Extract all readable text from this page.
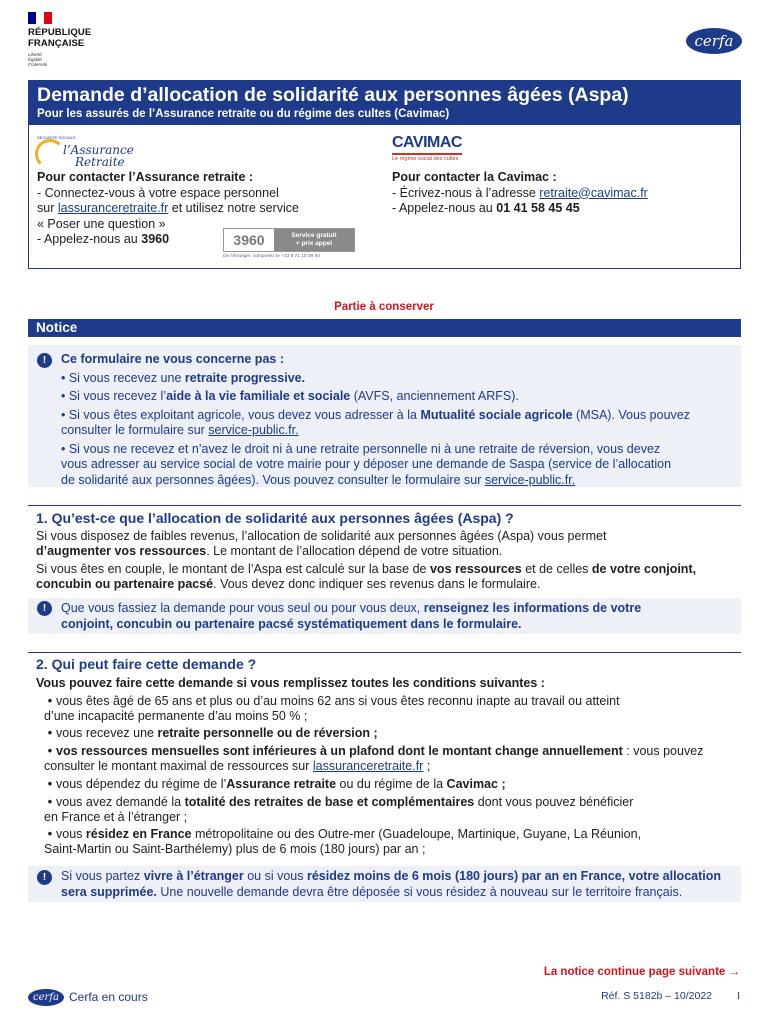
RÉPUBLIQUE
FRANÇAISE
Liberté
Égalité
Fraternité
cerfa
Demande d’allocation de solidarité aux personnes âgées (Aspa)
Pour les assurés de l’Assurance retraite ou du régime des cultes (Cavimac)
SÉCURITÉ SOCIALE
l’Assurance
Retraite
CAVIMAC
Le régime social des cultes
Pour contacter l’Assurance retraite :
- Connectez-vous à votre espace personnel
sur lassuranceretraite.fr et utilisez notre service
« Poser une question »
- Appelez-nous au 3960	3960	Service gratuit
+ prix appel
De l’étranger, composez le +33 9 71 10 39 60
Pour contacter la Cavimac :
- Écrivez-nous à l’adresse retraite@cavimac.fr
- Appelez-nous au 01 41 58 45 45
Partie à conserver
Notice
!	Ce formulaire ne vous concerne pas :
• Si vous recevez une retraite progressive.
• Si vous recevez l’aide à la vie familiale et sociale (AVFS, anciennement ARFS).
• Si vous êtes exploitant agricole, vous devez vous adresser à la Mutualité sociale agricole (MSA). Vous pouvez
consulter le formulaire sur service-public.fr.
• Si vous ne recevez et n’avez le droit ni à une retraite personnelle ni à une retraite de réversion, vous devez
vous adresser au service social de votre mairie pour y déposer une demande de Saspa (service de l’allocation
de solidarité aux personnes âgées). Vous pouvez consulter le formulaire sur service-public.fr.
1. Qu’est-ce que l’allocation de solidarité aux personnes âgées (Aspa) ?
Si vous disposez de faibles revenus, l’allocation de solidarité aux personnes âgées (Aspa) vous permet
d’augmenter vos ressources. Le montant de l’allocation dépend de votre situation.
Si vous êtes en couple, le montant de l’Aspa est calculé sur la base de vos ressources et de celles de votre conjoint,
concubin ou partenaire pacsé. Vous devez donc indiquer ses revenus dans le formulaire.
!	Que vous fassiez la demande pour vous seul ou pour vous deux, renseignez les informations de votre
conjoint, concubin ou partenaire pacsé systématiquement dans le formulaire.
2. Qui peut faire cette demande ?
Vous pouvez faire cette demande si vous remplissez toutes les conditions suivantes :
• vous êtes âgé de 65 ans et plus ou d’au moins 62 ans si vous êtes reconnu inapte au travail ou atteint
d’une incapacité permanente d’au moins 50 % ;
• vous recevez une retraite personnelle ou de réversion ;
• vos ressources mensuelles sont inférieures à un plafond dont le montant change annuellement : vous pouvez
consulter le montant maximal de ressources sur lassuranceretraite.fr ;
• vous dépendez du régime de l’Assurance retraite ou du régime de la Cavimac ;
• vous avez demandé la totalité des retraites de base et complémentaires dont vous pouvez bénéficier
en France et à l’étranger ;
• vous résidez en France métropolitaine ou des Outre-mer (Guadeloupe, Martinique, Guyane, La Réunion,
Saint-Martin ou Saint-Barthélemy) plus de 6 mois (180 jours) par an ;
!	Si vous partez vivre à l’étranger ou si vous résidez moins de 6 mois (180 jours) par an en France, votre allocation
sera supprimée. Une nouvelle demande devra être déposée si vous résidez à nouveau sur le territoire français.
La notice continue page suivante →
cerfa Cerfa en cours	Réf. S 5182b – 10/2022 I
